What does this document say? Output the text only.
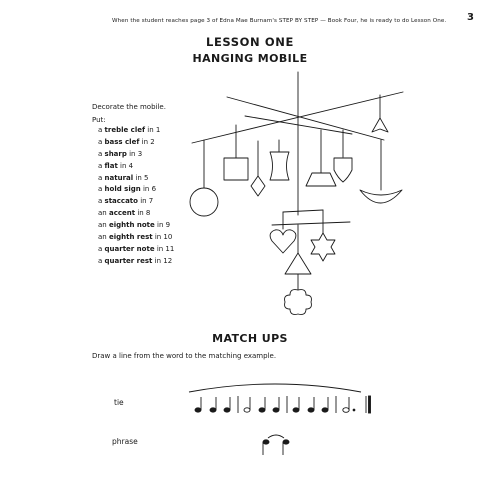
When the student reaches page 3 of Edna Mae Burnam's STEP BY STEP — Book Four, he is ready to do Lesson One. 3
LESSON ONE
HANGING MOBILE
Decorate the mobile.
Put:
a treble clef in 1
a bass clef in 2
a sharp in 3
a flat in 4
a natural in 5
a hold sign in 6
a staccato in 7
an accent in 8
an eighth note in 9
an eighth rest in 10
a quarter note in 11
a quarter rest in 12
MATCH UPS
Draw a line from the word to the matching example.
tie
phrase
